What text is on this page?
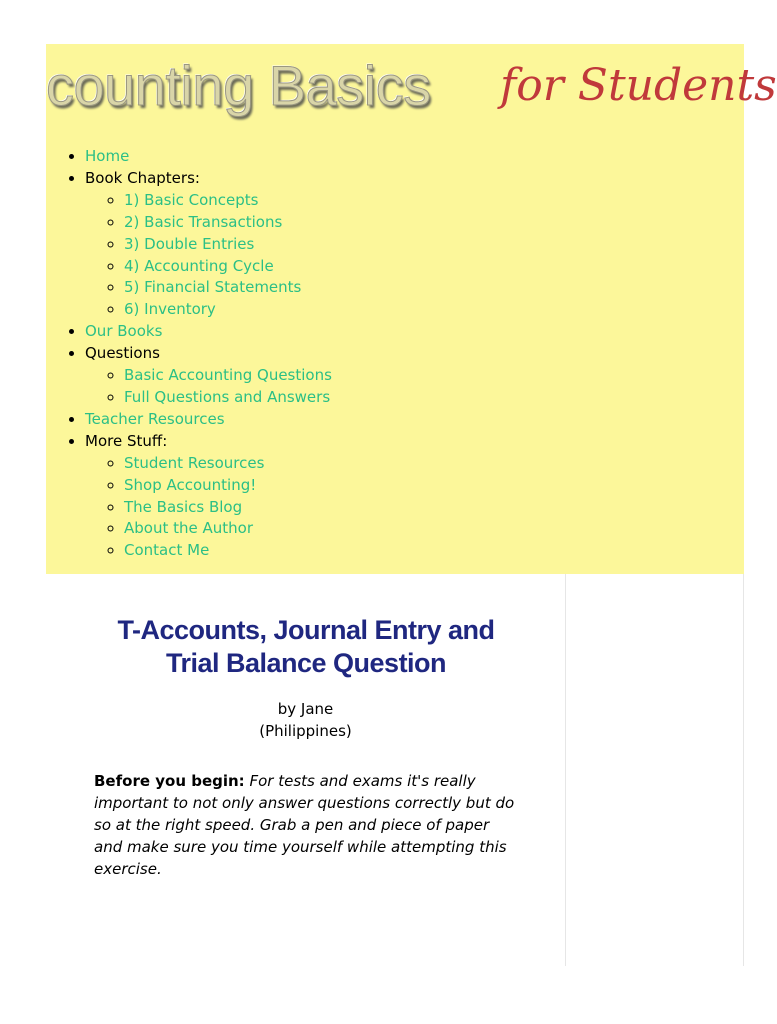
counting Basics for Students
• Home
• Book Chapters:
◦ 1) Basic Concepts
◦ 2) Basic Transactions
◦ 3) Double Entries
◦ 4) Accounting Cycle
◦ 5) Financial Statements
◦ 6) Inventory
• Our Books
• Questions
◦ Basic Accounting Questions
◦ Full Questions and Answers
• Teacher Resources
• More Stuff:
◦ Student Resources
◦ Shop Accounting!
◦ The Basics Blog
◦ About the Author
◦ Contact Me
T-Accounts, Journal Entry and
Trial Balance Question
by Jane
(Philippines)

Before you begin: For tests and exams it's really important to not only answer questions correctly but do so at the right speed. Grab a pen and piece of paper and make sure you time yourself while attempting this exercise.
